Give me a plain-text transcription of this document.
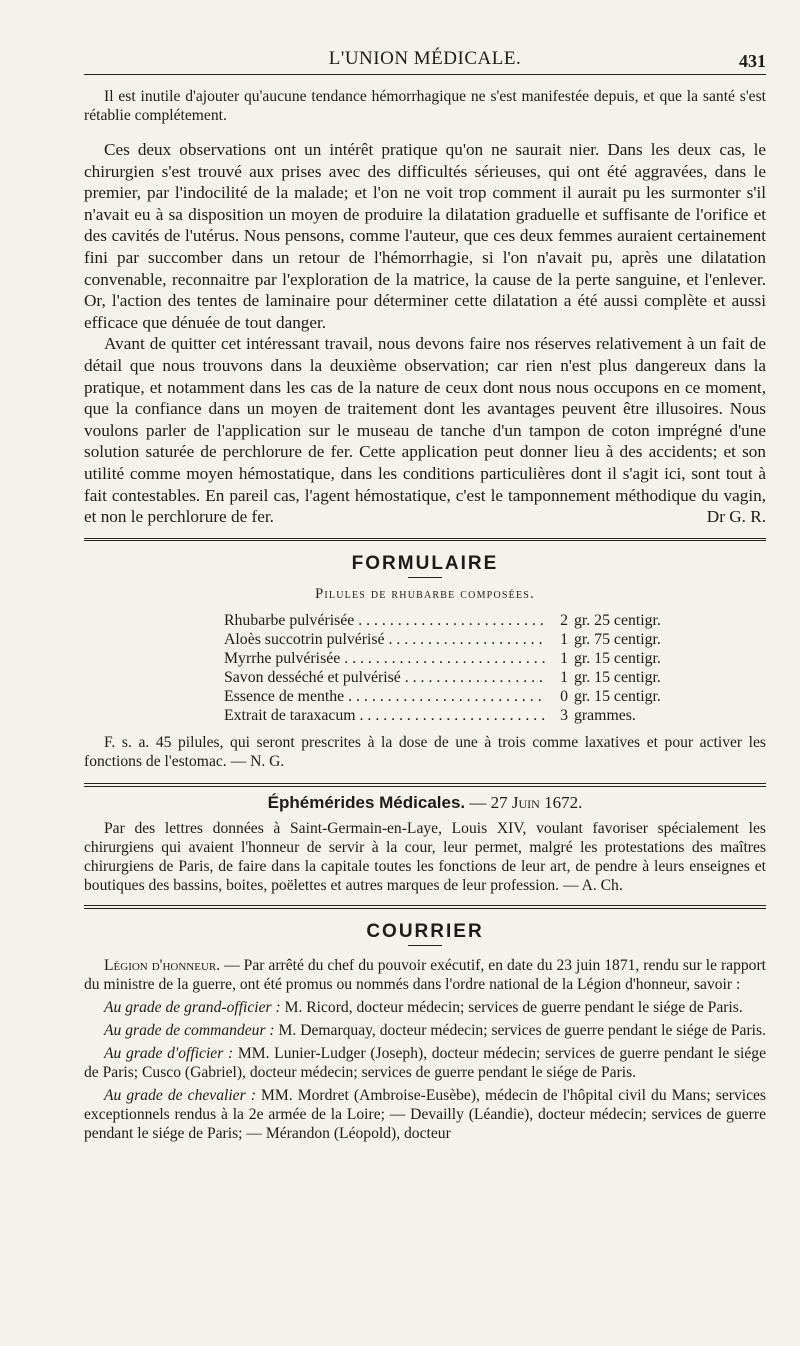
L'UNION MÉDICALE.	431

Il est inutile d'ajouter qu'aucune tendance hémorrhagique ne s'est manifestée depuis, et que la santé s'est rétablie complétement.

Ces deux observations ont un intérêt pratique qu'on ne saurait nier. Dans les deux cas, le chirurgien s'est trouvé aux prises avec des difficultés sérieuses, qui ont été aggravées, dans le premier, par l'indocilité de la malade; et l'on ne voit trop comment il aurait pu les surmonter s'il n'avait eu à sa disposition un moyen de produire la dilatation graduelle et suffisante de l'orifice et des cavités de l'utérus. Nous pensons, comme l'auteur, que ces deux femmes auraient certainement fini par succomber dans un retour de l'hémorrhagie, si l'on n'avait pu, après une dilatation convenable, reconnaitre par l'exploration de la matrice, la cause de la perte sanguine, et l'enlever. Or, l'action des tentes de laminaire pour déterminer cette dilatation a été aussi complète et aussi efficace que dénuée de tout danger.

Avant de quitter cet intéressant travail, nous devons faire nos réserves relativement à un fait de détail que nous trouvons dans la deuxième observation; car rien n'est plus dangereux dans la pratique, et notamment dans les cas de la nature de ceux dont nous nous occupons en ce moment, que la confiance dans un moyen de traitement dont les avantages peuvent être illusoires. Nous voulons parler de l'application sur le museau de tanche d'un tampon de coton imprégné d'une solution saturée de perchlorure de fer. Cette application peut donner lieu à des accidents; et son utilité comme moyen hémostatique, dans les conditions particulières dont il s'agit ici, sont tout à fait contestables. En pareil cas, l'agent hémostatique, c'est le tamponnement méthodique du vagin, et non le perchlorure de fer.	Dr G. R.

FORMULAIRE
Pilules de rhubarbe composées.
Rhubarbe pulvérisée . . .	2 gr. 25 centigr.
Aloès succotrin pulvérisé . . .	1 gr. 75 centigr.
Myrrhe pulvérisée . . .	1 gr. 15 centigr.
Savon desséché et pulvérisé . . .	1 gr. 15 centigr.
Essence de menthe . . .	0 gr. 15 centigr.
Extrait de taraxacum . . .	3 grammes.

F. s. a. 45 pilules, qui seront prescrites à la dose de une à trois comme laxatives et pour activer les fonctions de l'estomac. — N. G.

Éphémérides Médicales. — 27 Juin 1672.

Par des lettres données à Saint-Germain-en-Laye, Louis XIV, voulant favoriser spécialement les chirurgiens qui avaient l'honneur de servir à la cour, leur permet, malgré les protestations des maîtres chirurgiens de Paris, de faire dans la capitale toutes les fonctions de leur art, de pendre à leurs enseignes et boutiques des bassins, boites, poëlettes et autres marques de leur profession. — A. Ch.

COURRIER

Légion d'honneur. — Par arrêté du chef du pouvoir exécutif, en date du 23 juin 1871, rendu sur le rapport du ministre de la guerre, ont été promus ou nommés dans l'ordre national de la Légion d'honneur, savoir :

Au grade de grand-officier : M. Ricord, docteur médecin; services de guerre pendant le siége de Paris.

Au grade de commandeur : M. Demarquay, docteur médecin; services de guerre pendant le siége de Paris.

Au grade d'officier : MM. Lunier-Ludger (Joseph), docteur médecin; services de guerre pendant le siége de Paris; Cusco (Gabriel), docteur médecin; services de guerre pendant le siége de Paris.

Au grade de chevalier : MM. Mordret (Ambroise-Eusèbe), médecin de l'hôpital civil du Mans; services exceptionnels rendus à la 2e armée de la Loire; — Devailly (Léandie), docteur médecin; services de guerre pendant le siége de Paris; — Mérandon (Léopold), docteur
